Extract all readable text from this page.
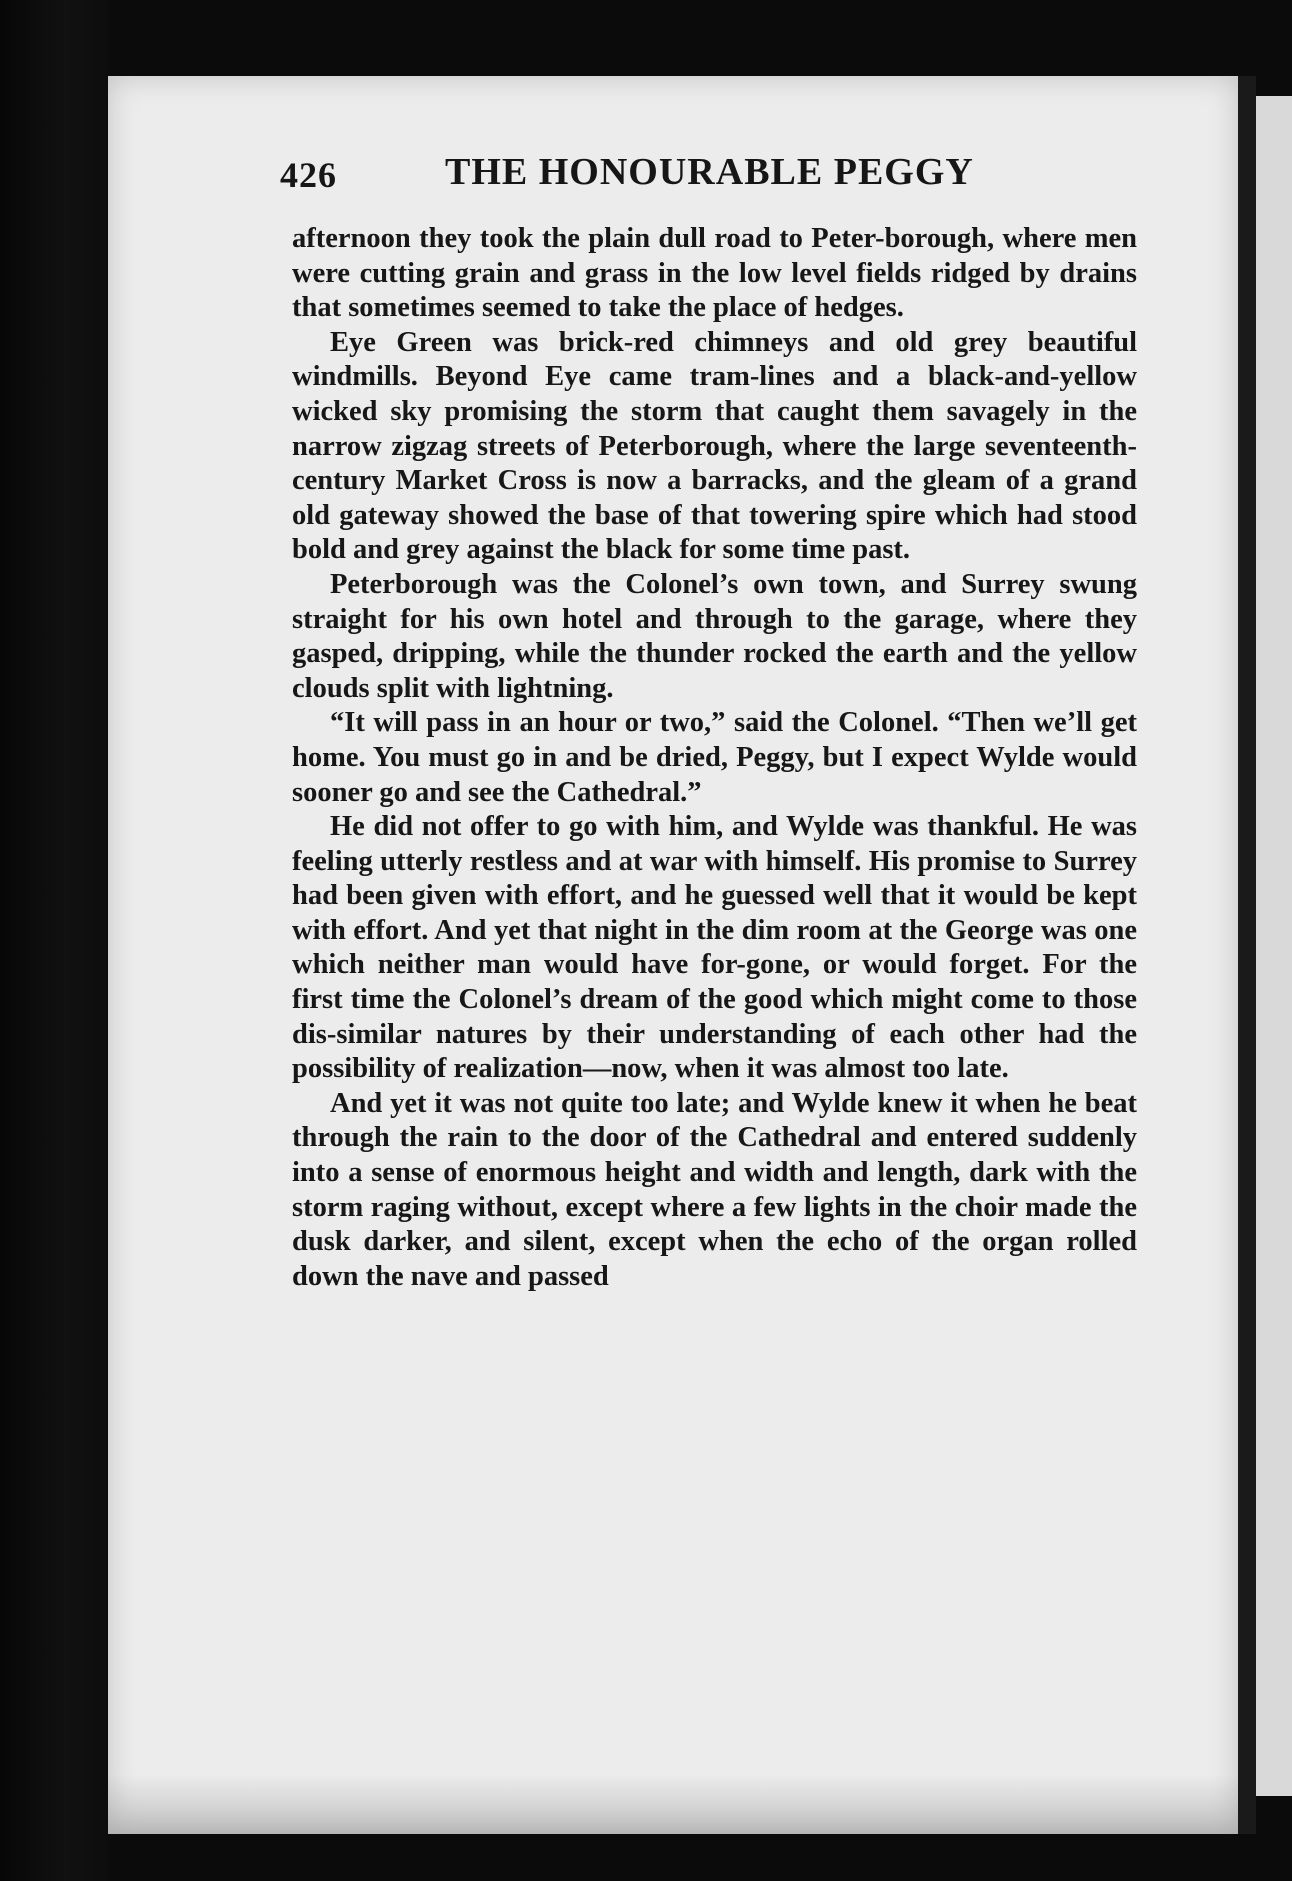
426	THE HONOURABLE PEGGY

afternoon they took the plain dull road to Peter-borough, where men were cutting grain and grass in the low level fields ridged by drains that sometimes seemed to take the place of hedges.

Eye Green was brick-red chimneys and old grey beautiful windmills. Beyond Eye came tram-lines and a black-and-yellow wicked sky promising the storm that caught them savagely in the narrow zigzag streets of Peterborough, where the large seventeenth-century Market Cross is now a barracks, and the gleam of a grand old gateway showed the base of that towering spire which had stood bold and grey against the black for some time past.

Peterborough was the Colonel’s own town, and Surrey swung straight for his own hotel and through to the garage, where they gasped, dripping, while the thunder rocked the earth and the yellow clouds split with lightning.

“It will pass in an hour or two,” said the Colonel. “Then we’ll get home. You must go in and be dried, Peggy, but I expect Wylde would sooner go and see the Cathedral.”

He did not offer to go with him, and Wylde was thankful. He was feeling utterly restless and at war with himself. His promise to Surrey had been given with effort, and he guessed well that it would be kept with effort. And yet that night in the dim room at the George was one which neither man would have for-gone, or would forget. For the first time the Colonel’s dream of the good which might come to those dis-similar natures by their understanding of each other had the possibility of realization—now, when it was almost too late.

And yet it was not quite too late; and Wylde knew it when he beat through the rain to the door of the Cathedral and entered suddenly into a sense of enormous height and width and length, dark with the storm raging without, except where a few lights in the choir made the dusk darker, and silent, except when the echo of the organ rolled down the nave and passed
